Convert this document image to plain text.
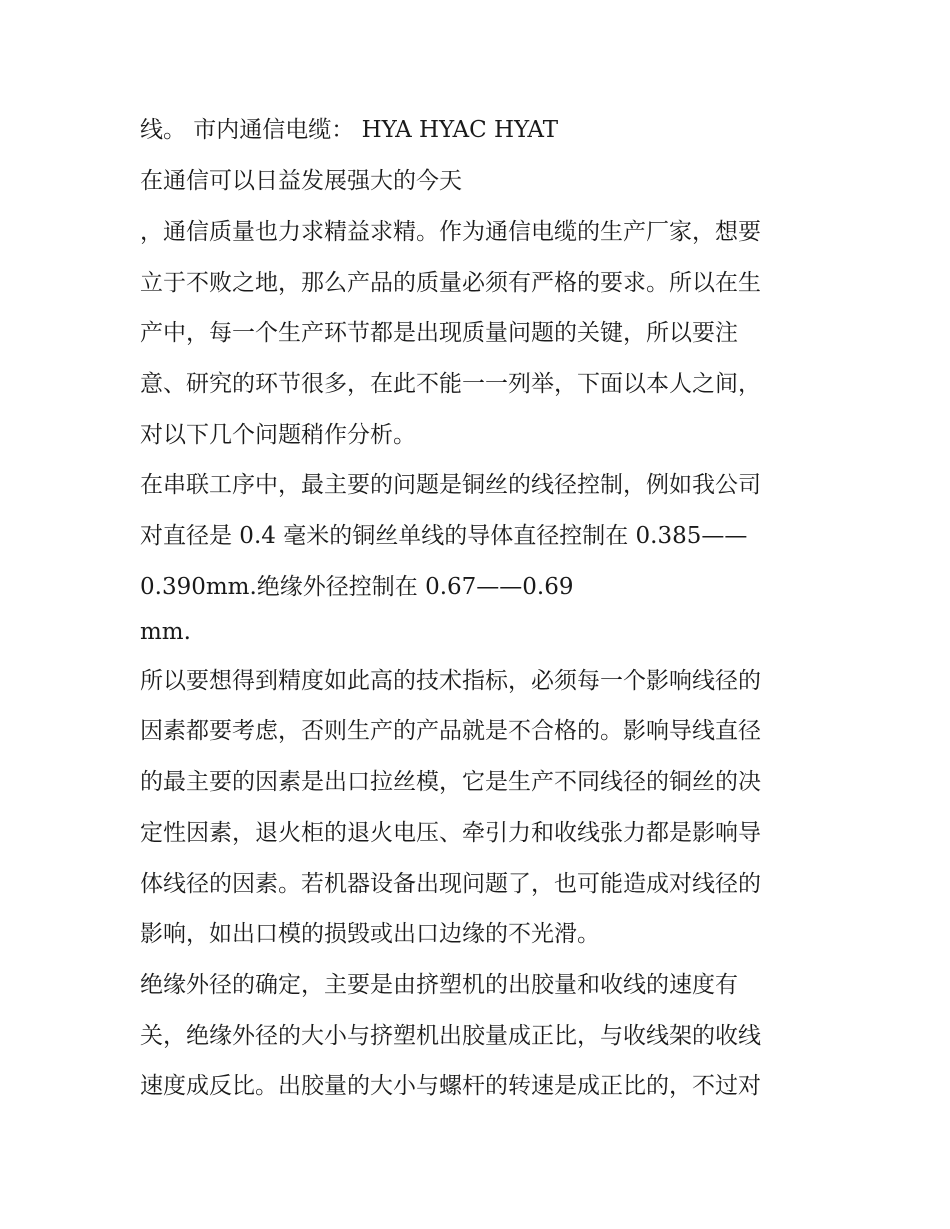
线。 市内通信电缆： HYA HYAC HYAT
在通信可以日益发展强大的今天
，通信质量也力求精益求精。作为通信电缆的生产厂家，想要
立于不败之地，那么产品的质量必须有严格的要求。所以在生
产中，每一个生产环节都是出现质量问题的关键，所以要注
意、研究的环节很多，在此不能一一列举，下面以本人之间，
对以下几个问题稍作分析。
在串联工序中，最主要的问题是铜丝的线径控制，例如我公司
对直径是 0.4 毫米的铜丝单线的导体直径控制在 0.385——
0.390mm.绝缘外径控制在 0.67——0.69
mm.
所以要想得到精度如此高的技术指标，必须每一个影响线径的
因素都要考虑，否则生产的产品就是不合格的。影响导线直径
的最主要的因素是出口拉丝模，它是生产不同线径的铜丝的决
定性因素，退火柜的退火电压、牵引力和收线张力都是影响导
体线径的因素。若机器设备出现问题了，也可能造成对线径的
影响，如出口模的损毁或出口边缘的不光滑。
绝缘外径的确定，主要是由挤塑机的出胶量和收线的速度有
关，绝缘外径的大小与挤塑机出胶量成正比，与收线架的收线
速度成反比。出胶量的大小与螺杆的转速是成正比的，不过对
